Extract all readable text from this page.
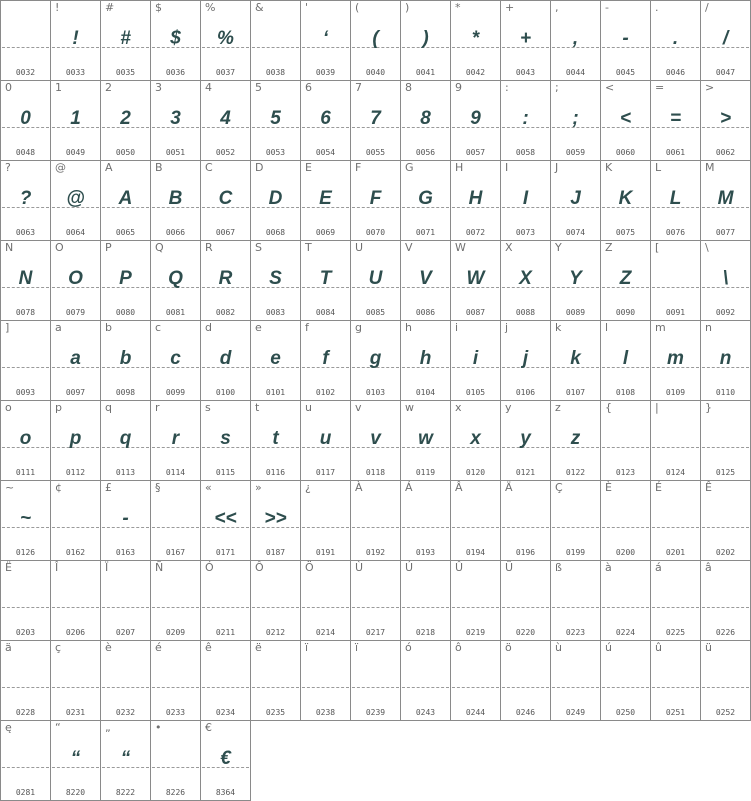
0032
!
!
0033
#
#
0035
$
$
0036
%
%
0037
&
0038
'
‘
0039
(
(
0040
)
)
0041
*
*
0042
+
+
0043
,
,
0044
-
-
0045
.
.
0046
/
/
0047
0
0
0048
1
1
0049
2
2
0050
3
3
0051
4
4
0052
5
5
0053
6
6
0054
7
7
0055
8
8
0056
9
9
0057
:
:
0058
;
;
0059
<
<
0060
=
=
0061
>
>
0062
?
?
0063
@
@
0064
A
A
0065
B
B
0066
C
C
0067
D
D
0068
E
E
0069
F
F
0070
G
G
0071
H
H
0072
I
I
0073
J
J
0074
K
K
0075
L
L
0076
M
M
0077
N
N
0078
O
O
0079
P
P
0080
Q
Q
0081
R
R
0082
S
S
0083
T
T
0084
U
U
0085
V
V
0086
W
W
0087
X
X
0088
Y
Y
0089
Z
Z
0090
[
0091
\
\
0092
]
0093
a
a
0097
b
b
0098
c
c
0099
d
d
0100
e
e
0101
f
f
0102
g
g
0103
h
h
0104
i
i
0105
j
j
0106
k
k
0107
l
l
0108
m
m
0109
n
n
0110
o
o
0111
p
p
0112
q
q
0113
r
r
0114
s
s
0115
t
t
0116
u
u
0117
v
v
0118
w
w
0119
x
x
0120
y
y
0121
z
z
0122
{
0123
|
0124
}
0125
~
~
0126
¢
0162
£
-
0163
§
0167
«
<<
0171
»
>>
0187
¿
0191
À
0192
Á
0193
Â
0194
Ä
0196
Ç
0199
È
0200
É
0201
Ê
0202
Ë
0203
Î
0206
Ï
0207
Ñ
0209
Ó
0211
Ô
0212
Ö
0214
Ù
0217
Ú
0218
Û
0219
Ü
0220
ß
0223
à
0224
á
0225
â
0226
ä
0228
ç
0231
è
0232
é
0233
ê
0234
ë
0235
ï
0238
ï
0239
ó
0243
ô
0244
ö
0246
ù
0249
ú
0250
û
0251
ü
0252
ę
0281
“
“
8220
„
“
8222
•
8226
€
€
8364
